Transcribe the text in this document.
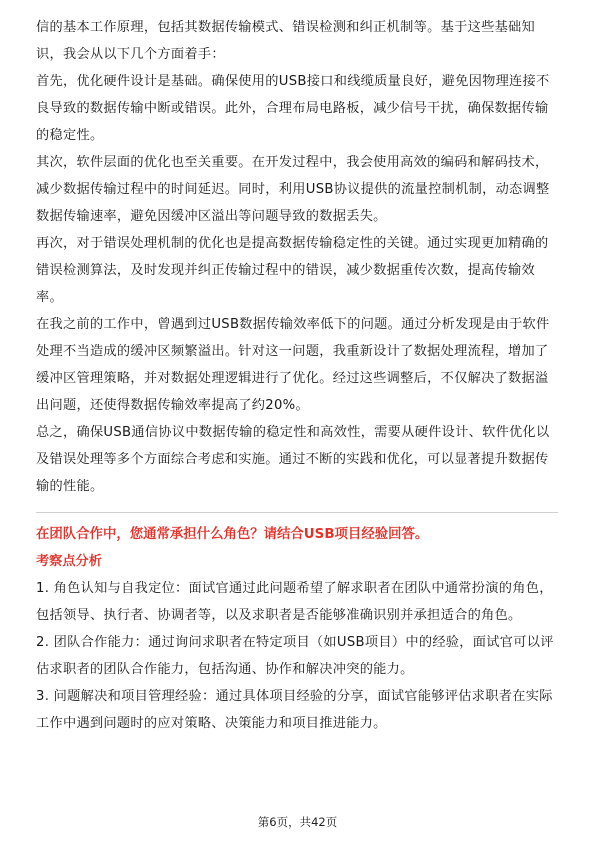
信的基本工作原理，包括其数据传输模式、错误检测和纠正机制等。基于这些基础知识，我会从以下几个方面着手：

首先，优化硬件设计是基础。确保使用的USB接口和线缆质量良好，避免因物理连接不良导致的数据传输中断或错误。此外，合理布局电路板，减少信号干扰，确保数据传输的稳定性。

其次，软件层面的优化也至关重要。在开发过程中，我会使用高效的编码和解码技术，减少数据传输过程中的时间延迟。同时，利用USB协议提供的流量控制机制，动态调整数据传输速率，避免因缓冲区溢出等问题导致的数据丢失。

再次，对于错误处理机制的优化也是提高数据传输稳定性的关键。通过实现更加精确的错误检测算法，及时发现并纠正传输过程中的错误，减少数据重传次数，提高传输效率。

在我之前的工作中，曾遇到过USB数据传输效率低下的问题。通过分析发现是由于软件处理不当造成的缓冲区频繁溢出。针对这一问题，我重新设计了数据处理流程，增加了缓冲区管理策略，并对数据处理逻辑进行了优化。经过这些调整后，不仅解决了数据溢出问题，还使得数据传输效率提高了约20%。

总之，确保USB通信协议中数据传输的稳定性和高效性，需要从硬件设计、软件优化以及错误处理等多个方面综合考虑和实施。通过不断的实践和优化，可以显著提升数据传输的性能。

在团队合作中，您通常承担什么角色？请结合USB项目经验回答。

考察点分析

1. 角色认知与自我定位：面试官通过此问题希望了解求职者在团队中通常扮演的角色，包括领导、执行者、协调者等，以及求职者是否能够准确识别并承担适合的角色。

2. 团队合作能力：通过询问求职者在特定项目（如USB项目）中的经验，面试官可以评估求职者的团队合作能力，包括沟通、协作和解决冲突的能力。

3. 问题解决和项目管理经验：通过具体项目经验的分享，面试官能够评估求职者在实际工作中遇到问题时的应对策略、决策能力和项目推进能力。

第6页，共42页
